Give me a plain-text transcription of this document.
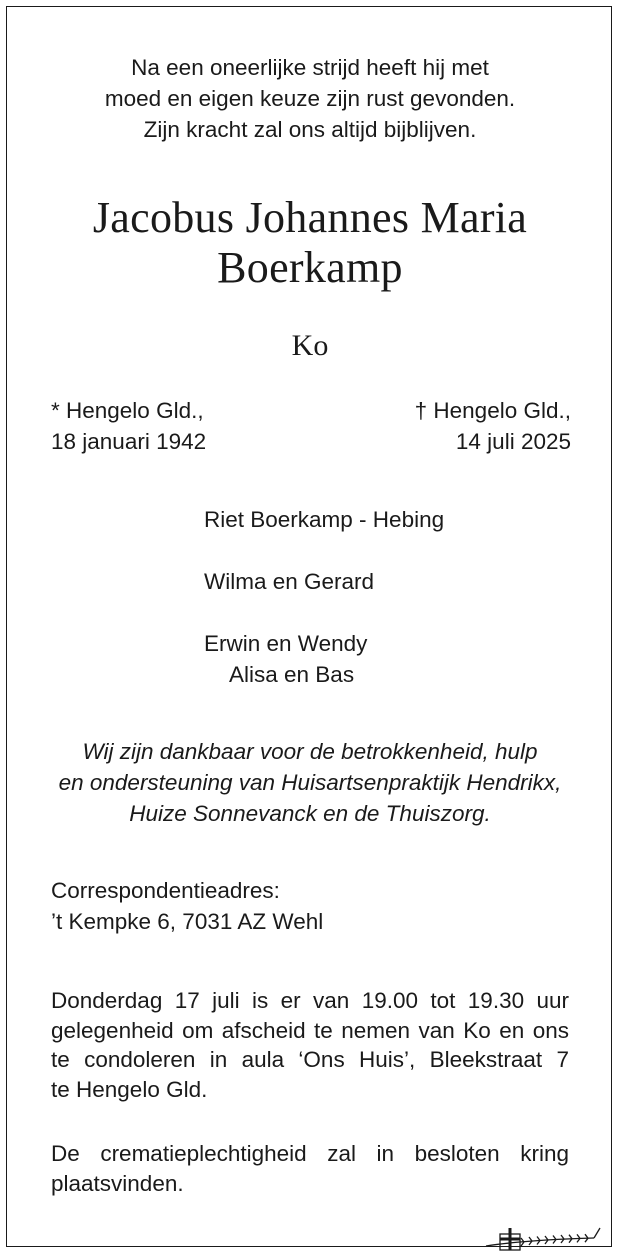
Na een oneerlijke strijd heeft hij met
moed en eigen keuze zijn rust gevonden.
Zijn kracht zal ons altijd bijblijven.
Jacobus Johannes Maria
Boerkamp
Ko
* Hengelo Gld.,
18 januari 1942
† Hengelo Gld.,
14 juli 2025
Riet Boerkamp - Hebing
Wilma en Gerard
Erwin en Wendy
Alisa en Bas
Wij zijn dankbaar voor de betrokkenheid, hulp
en ondersteuning van Huisartsenpraktijk Hendrikx,
Huize Sonnevanck en de Thuiszorg.
Correspondentieadres:
’t Kempke 6, 7031 AZ Wehl
Donderdag 17 juli is er van 19.00 tot 19.30 uur
gelegenheid om afscheid te nemen van Ko en ons
te condoleren in aula ‘Ons Huis’, Bleekstraat 7
te Hengelo Gld.
De crematieplechtigheid zal in besloten kring
plaatsvinden.
